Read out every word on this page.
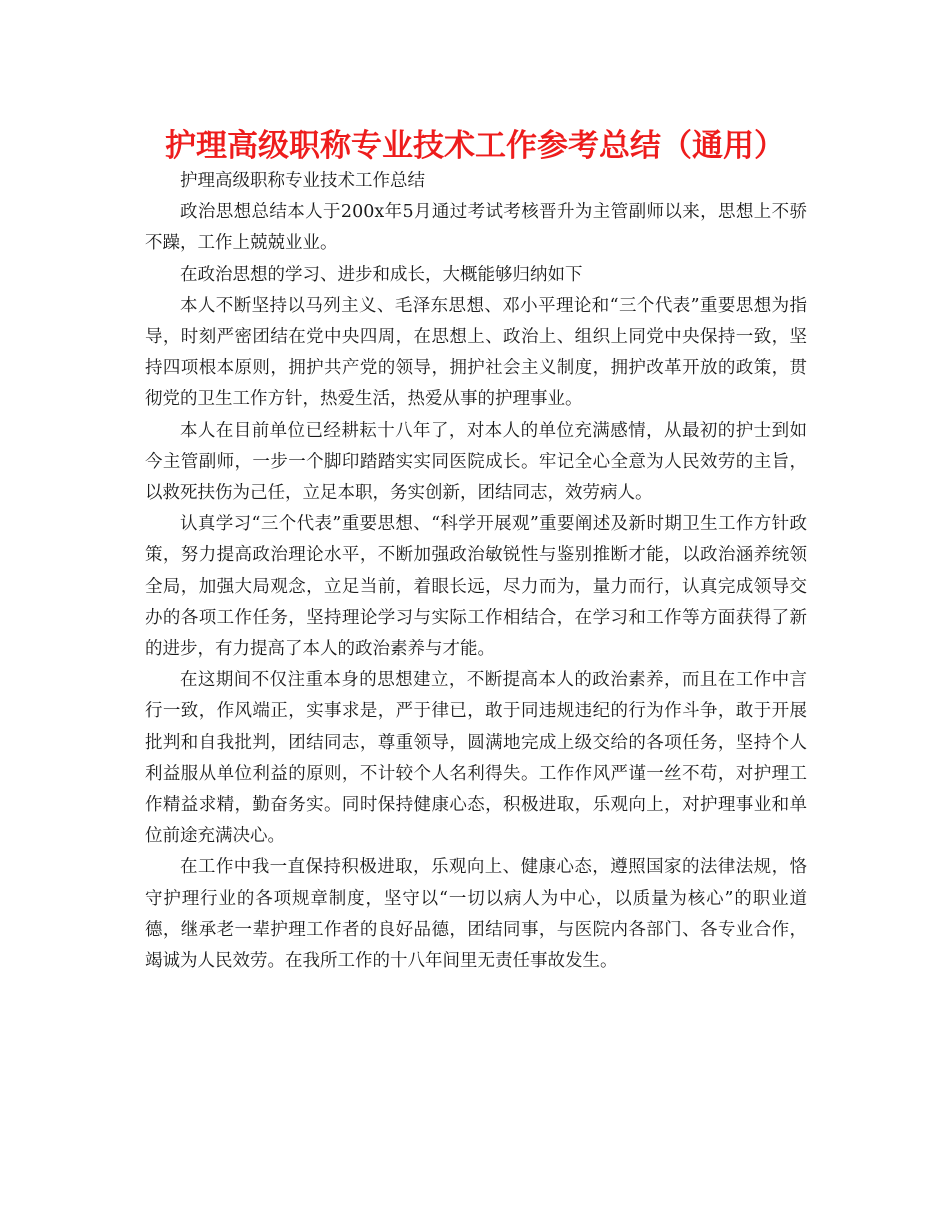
护理高级职称专业技术工作参考总结（通用）

护理高级职称专业技术工作总结

政治思想总结本人于200x年5月通过考试考核晋升为主管副师以来，思想上不骄不躁，工作上兢兢业业。

在政治思想的学习、进步和成长，大概能够归纳如下

本人不断坚持以马列主义、毛泽东思想、邓小平理论和“三个代表”重要思想为指导，时刻严密团结在党中央四周，在思想上、政治上、组织上同党中央保持一致，坚持四项根本原则，拥护共产党的领导，拥护社会主义制度，拥护改革开放的政策，贯彻党的卫生工作方针，热爱生活，热爱从事的护理事业。

本人在目前单位已经耕耘十八年了，对本人的单位充满感情，从最初的护士到如今主管副师，一步一个脚印踏踏实实同医院成长。牢记全心全意为人民效劳的主旨，以救死扶伤为己任，立足本职，务实创新，团结同志，效劳病人。

认真学习“三个代表”重要思想、“科学开展观”重要阐述及新时期卫生工作方针政策，努力提高政治理论水平，不断加强政治敏锐性与鉴别推断才能，以政治涵养统领全局，加强大局观念，立足当前，着眼长远，尽力而为，量力而行，认真完成领导交办的各项工作任务，坚持理论学习与实际工作相结合，在学习和工作等方面获得了新的进步，有力提高了本人的政治素养与才能。

在这期间不仅注重本身的思想建立，不断提高本人的政治素养，而且在工作中言行一致，作风端正，实事求是，严于律已，敢于同违规违纪的行为作斗争，敢于开展批判和自我批判，团结同志，尊重领导，圆满地完成上级交给的各项任务，坚持个人利益服从单位利益的原则，不计较个人名利得失。工作作风严谨一丝不苟，对护理工作精益求精，勤奋务实。同时保持健康心态，积极进取，乐观向上，对护理事业和单位前途充满决心。

在工作中我一直保持积极进取，乐观向上、健康心态，遵照国家的法律法规，恪守护理行业的各项规章制度，坚守以“一切以病人为中心，以质量为核心”的职业道德，继承老一辈护理工作者的良好品德，团结同事，与医院内各部门、各专业合作，竭诚为人民效劳。在我所工作的十八年间里无责任事故发生。
